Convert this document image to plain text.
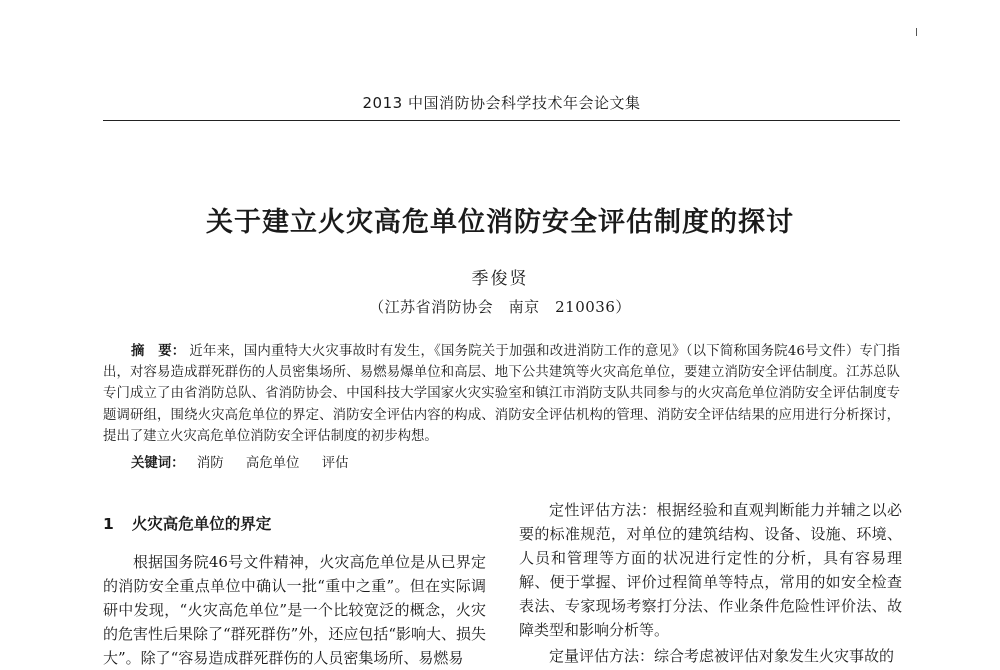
2013 中国消防协会科学技术年会论文集
关于建立火灾高危单位消防安全评估制度的探讨
季俊贤
（江苏省消防协会　南京　210036）
摘　要： 近年来，国内重特大火灾事故时有发生，《国务院关于加强和改进消防工作的意见》（以下简称国务院46号文件）专门指出，对容易造成群死群伤的人员密集场所、易燃易爆单位和高层、地下公共建筑等火灾高危单位，要建立消防安全评估制度。江苏总队专门成立了由省消防总队、省消防协会、中国科技大学国家火灾实验室和镇江市消防支队共同参与的火灾高危单位消防安全评估制度专题调研组，围绕火灾高危单位的界定、消防安全评估内容的构成、消防安全评估机构的管理、消防安全评估结果的应用进行分析探讨，提出了建立火灾高危单位消防安全评估制度的初步构想。
关键词： 消防 高危单位 评估
1 火灾高危单位的界定

根据国务院46号文件精神，火灾高危单位是从已界定的消防安全重点单位中确认一批“重中之重”。但在实际调研中发现，“火灾高危单位”是一个比较宽泛的概念，火灾的危害性后果除了“群死群伤”外，还应包括“影响大、损失大”。除了“容易造成群死群伤的人员密集场所、易燃易

定性评估方法：根据经验和直观判断能力并辅之以必要的标准规范，对单位的建筑结构、设备、设施、环境、人员和管理等方面的状况进行定性的分析，具有容易理解、便于掌握、评价过程简单等特点，常用的如安全检查表法、专家现场考察打分法、作业条件危险性评价法、故障类型和影响分析等。

定量评估方法：综合考虑被评估对象发生火灾事故的
